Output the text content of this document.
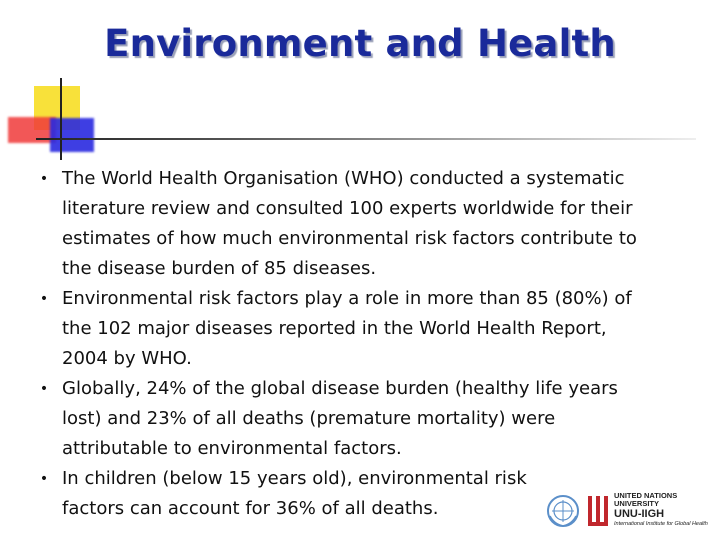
Environment and Health
• The World Health Organisation (WHO) conducted a systematic
literature review and consulted 100 experts worldwide for their
estimates of how much environmental risk factors contribute to
the disease burden of 85 diseases.
• Environmental risk factors play a role in more than 85 (80%) of
the 102 major diseases reported in the World Health Report,
2004 by WHO.
• Globally, 24% of the global disease burden (healthy life years
lost) and 23% of all deaths (premature mortality) were
attributable to environmental factors.
• In children (below 15 years old), environmental risk
factors can account for 36% of all deaths.
UNITED NATIONS
UNIVERSITY
UNU-IIGH
International Institute for Global Health
